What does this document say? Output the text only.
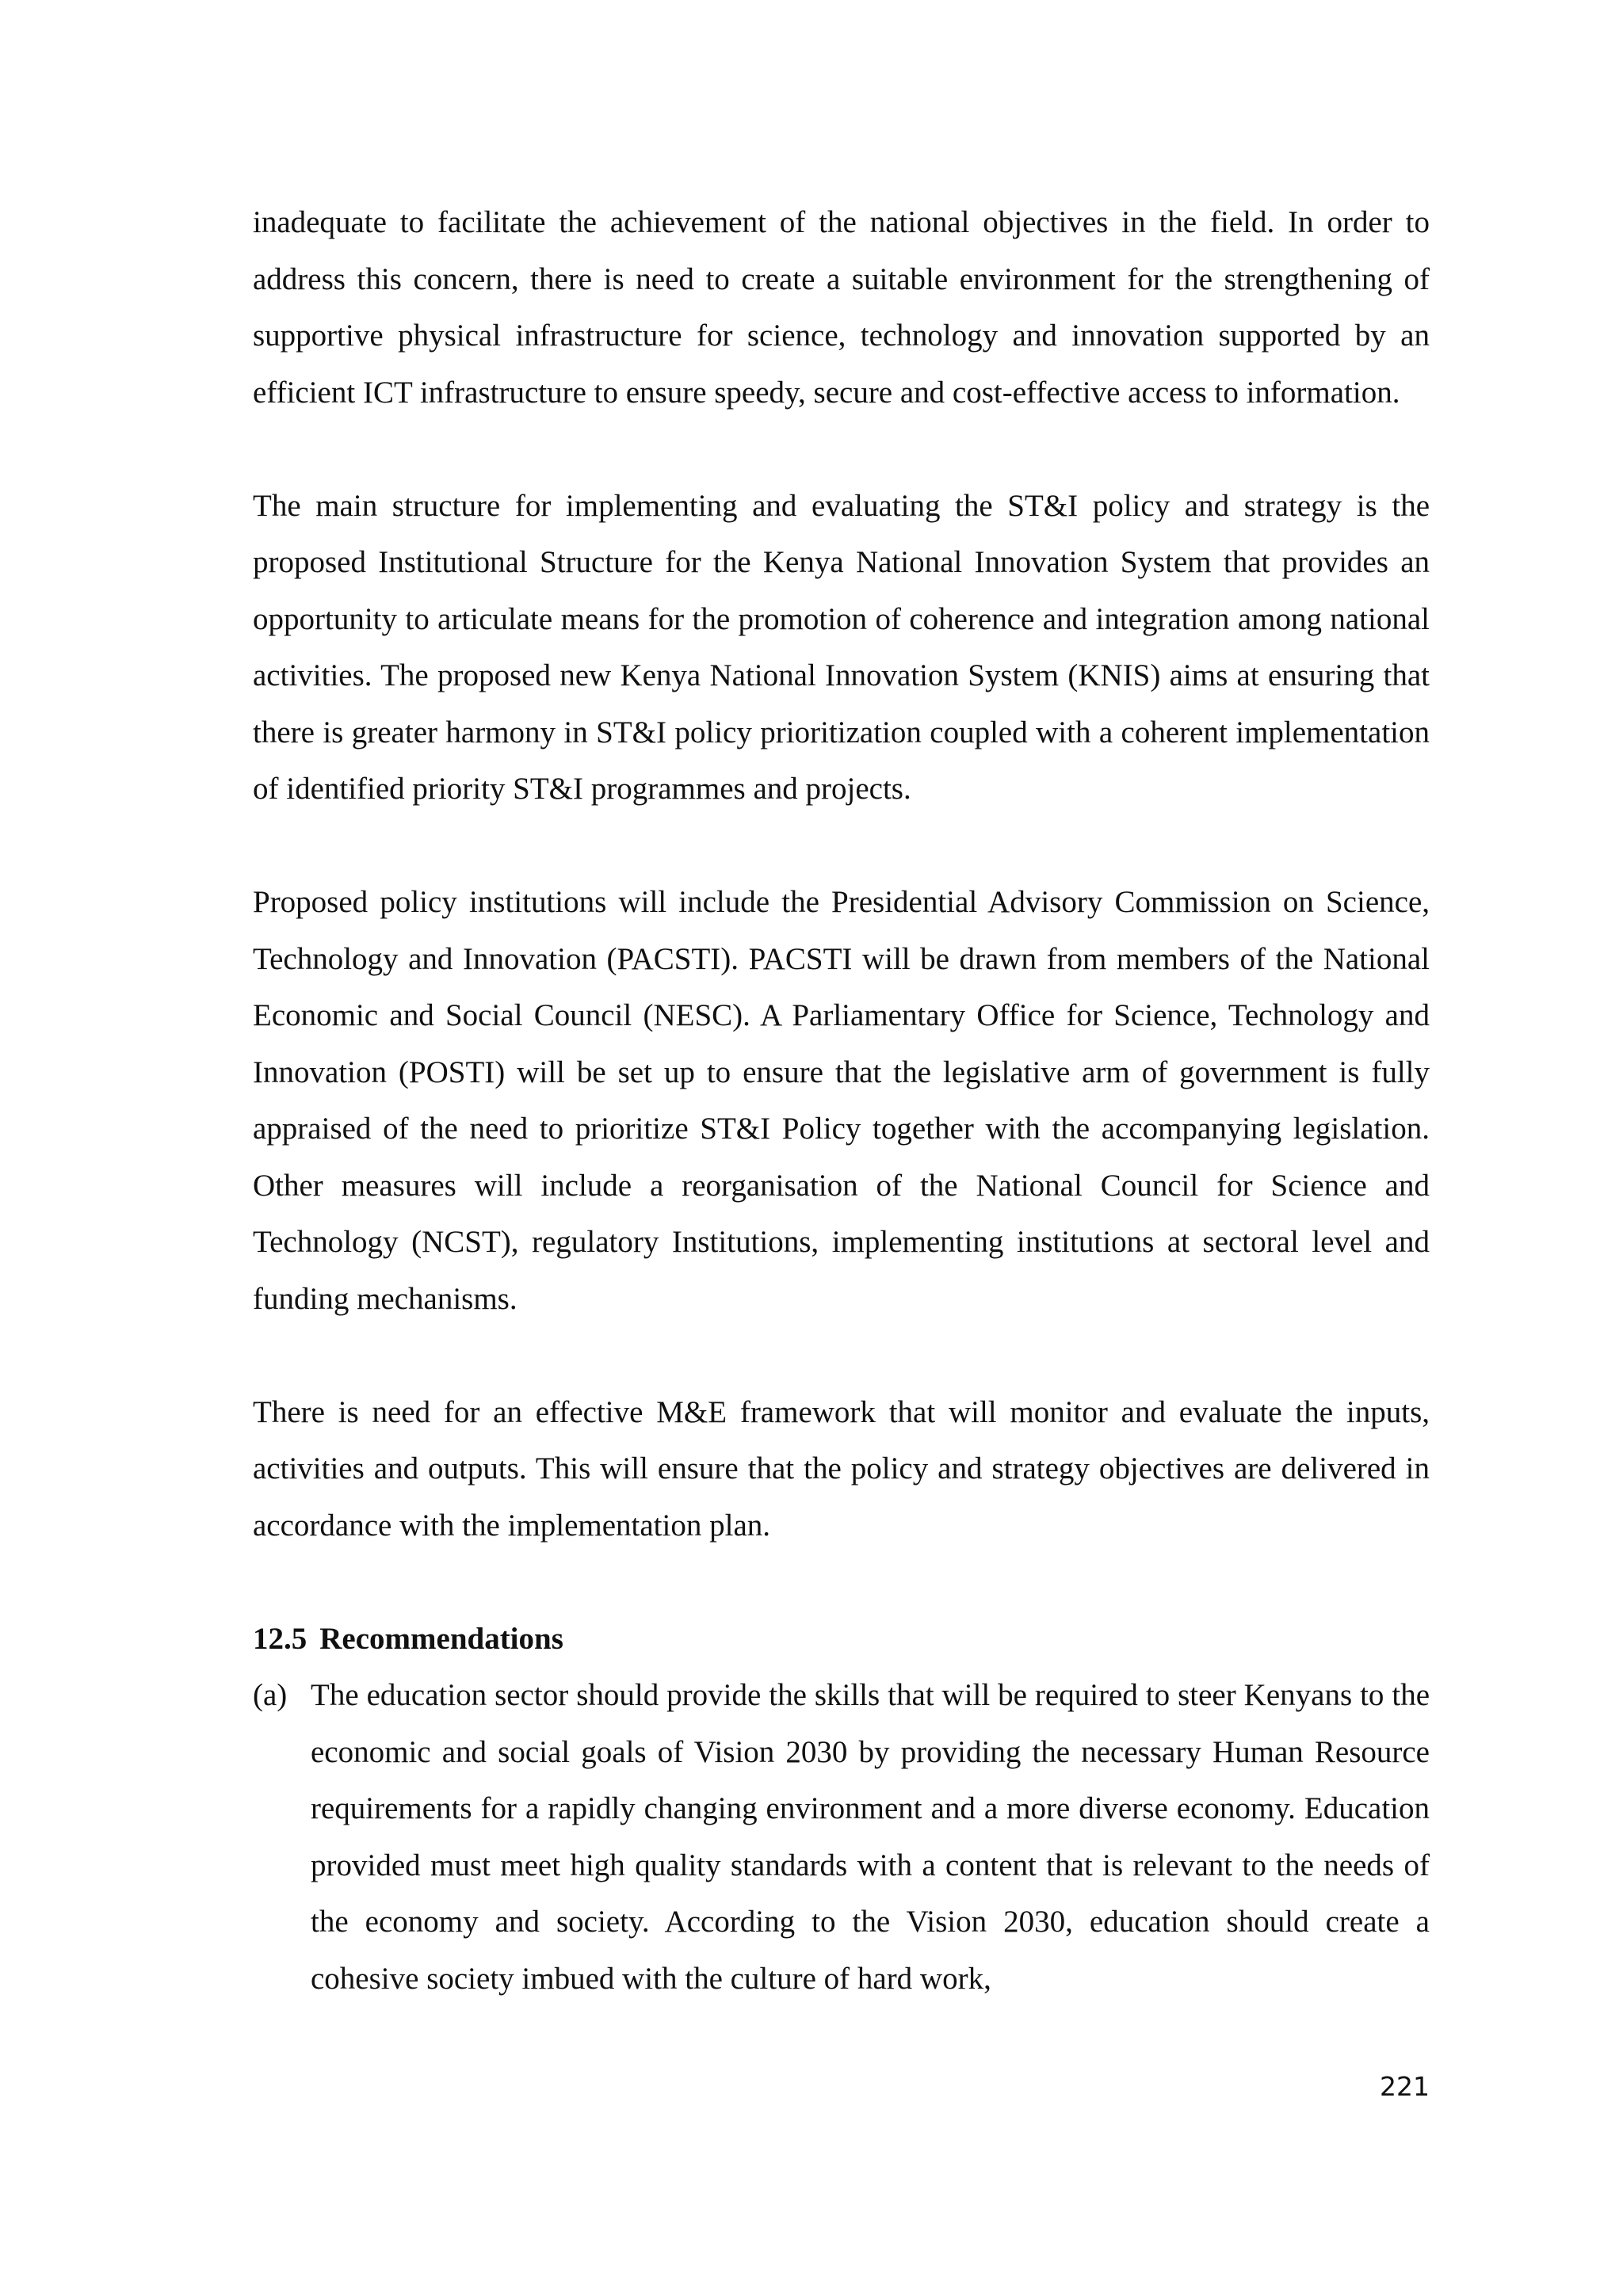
inadequate to facilitate the achievement of the national objectives in the field. In order to address this concern, there is need to create a suitable environment for the strengthening of supportive physical infrastructure for science, technology and innovation supported by an efficient ICT infrastructure to ensure speedy, secure and cost-effective access to information.

The main structure for implementing and evaluating the ST&I policy and strategy is the proposed Institutional Structure for the Kenya National Innovation System that provides an opportunity to articulate means for the promotion of coherence and integration among national activities. The proposed new Kenya National Innovation System (KNIS) aims at ensuring that there is greater harmony in ST&I policy prioritization coupled with a coherent implementation of identified priority ST&I programmes and projects.

Proposed policy institutions will include the Presidential Advisory Commission on Science, Technology and Innovation (PACSTI). PACSTI will be drawn from members of the National Economic and Social Council (NESC). A Parliamentary Office for Science, Technology and Innovation (POSTI) will be set up to ensure that the legislative arm of government is fully appraised of the need to prioritize ST&I Policy together with the accompanying legislation. Other measures will include a reorganisation of the National Council for Science and Technology (NCST), regulatory Institutions, implementing institutions at sectoral level and funding mechanisms.

There is need for an effective M&E framework that will monitor and evaluate the inputs, activities and outputs. This will ensure that the policy and strategy objectives are delivered in accordance with the implementation plan.

12.5 Recommendations
(a) The education sector should provide the skills that will be required to steer Kenyans to the economic and social goals of Vision 2030 by providing the necessary Human Resource requirements for a rapidly changing environment and a more diverse economy. Education provided must meet high quality standards with a content that is relevant to the needs of the economy and society. According to the Vision 2030, education should create a cohesive society imbued with the culture of hard work,

221
